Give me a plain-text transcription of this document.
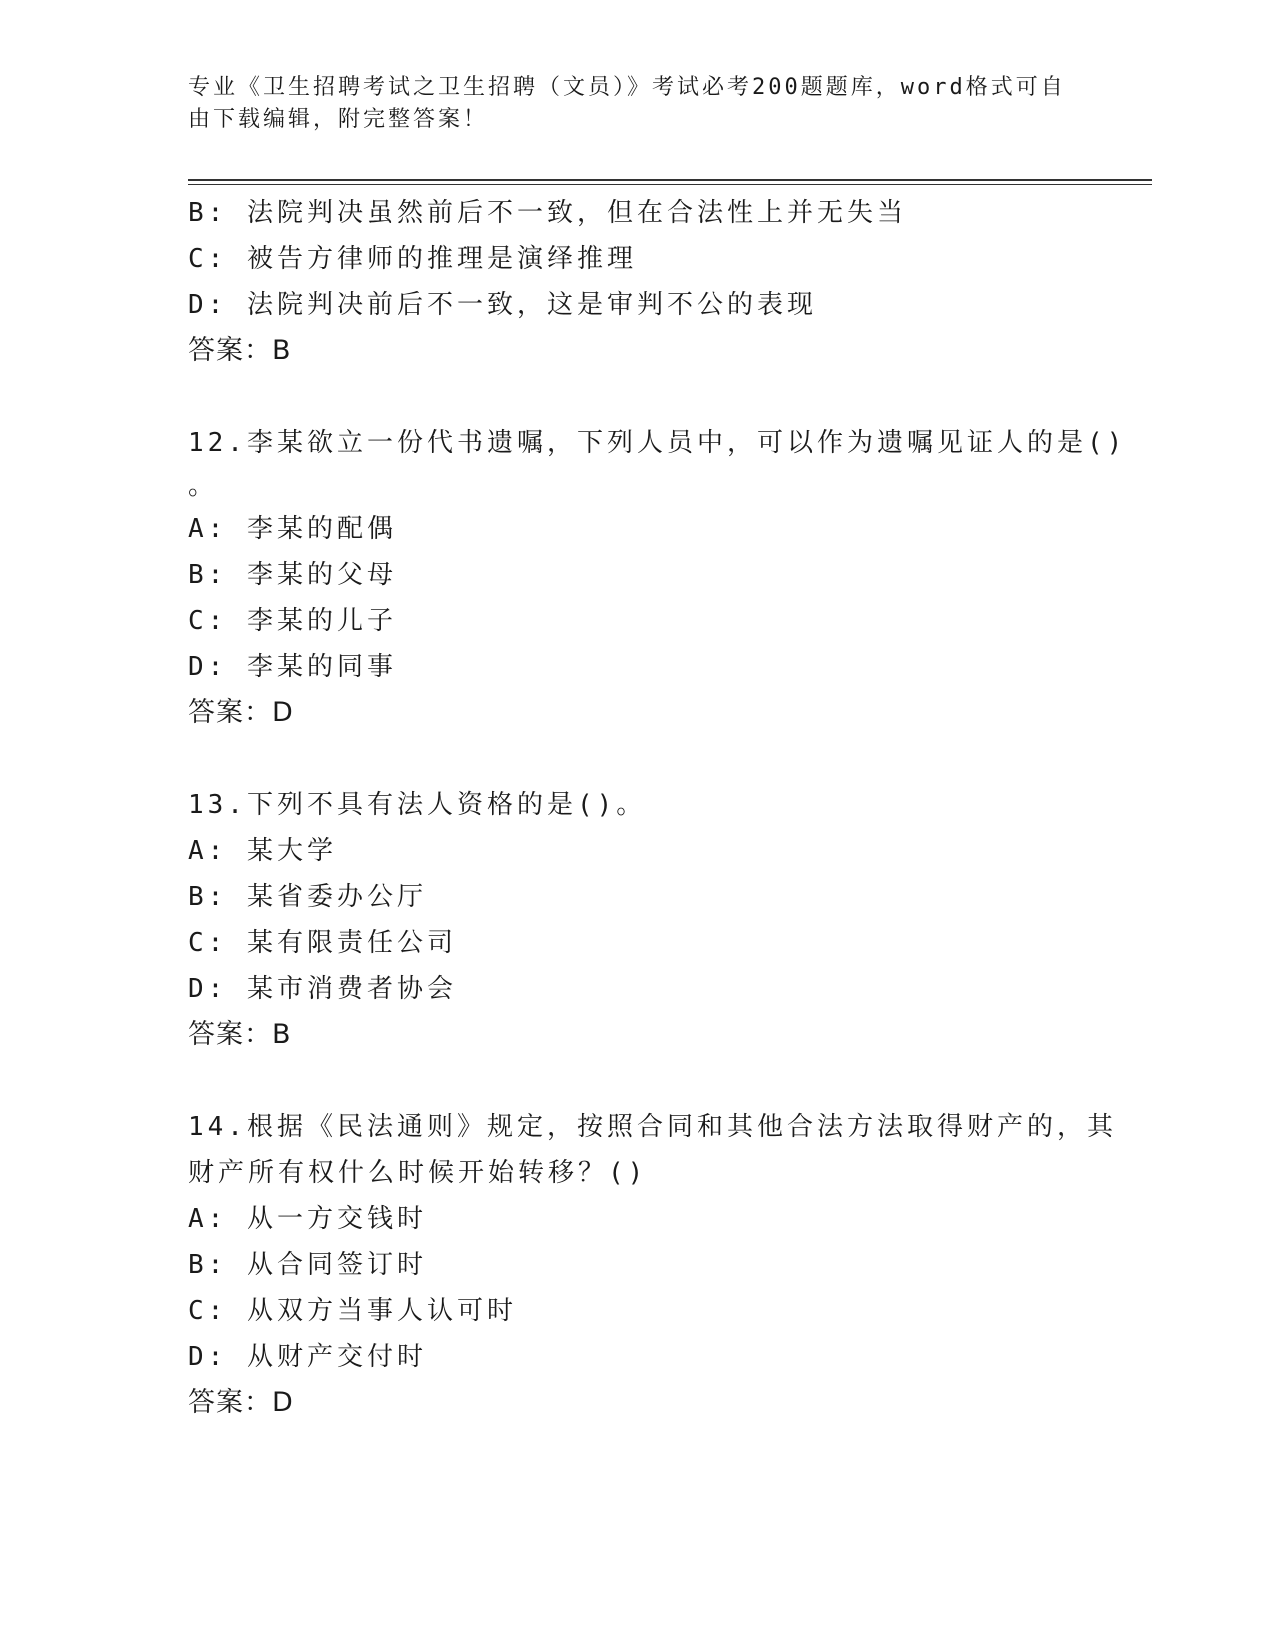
专业《卫生招聘考试之卫生招聘（文员）》考试必考200题题库，word格式可自
由下载编辑，附完整答案！
B: 法院判决虽然前后不一致，但在合法性上并无失当
C: 被告方律师的推理是演绎推理
D: 法院判决前后不一致，这是审判不公的表现
答案：B
12.李某欲立一份代书遗嘱，下列人员中，可以作为遗嘱见证人的是()
。
A: 李某的配偶
B: 李某的父母
C: 李某的儿子
D: 李某的同事
答案：D
13.下列不具有法人资格的是()。
A: 某大学
B: 某省委办公厅
C: 某有限责任公司
D: 某市消费者协会
答案：B
14.根据《民法通则》规定，按照合同和其他合法方法取得财产的，其
财产所有权什么时候开始转移？()
A: 从一方交钱时
B: 从合同签订时
C: 从双方当事人认可时
D: 从财产交付时
答案：D
